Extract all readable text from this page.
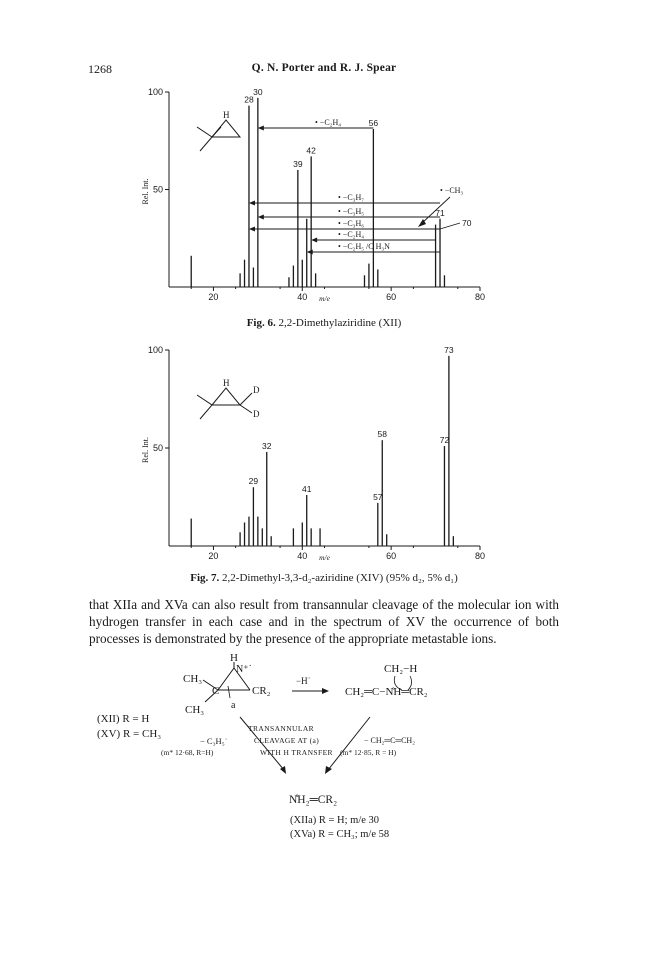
1268	Q. N. Porter and R. J. Spear
50
100
20	40	60	80
Rel. Int.
m/e
28
30
39
42
56
71
H
• −C₂H₄
• −C₃H₇
• −C₃H₅
• −C₃H₆
• −C₂H₄
• −C₂H₅ /C H₃N
• −CH₃
70
Fig. 6. 2,2-Dimethylaziridine (XII)
50
100
20	40	60	80
Rel. Int.
m/e
29
32
41
57
58
72
73
H
D
D
Fig. 7. 2,2-Dimethyl-3,3-d₂-aziridine (XIV) (95% d₂, 5% d₁)
that XIIa and XVa can also result from transannular cleavage of the molecular ion with hydrogen transfer in each case and in the spectrum of XV the occurrence of both processes is demonstrated by the presence of the appropriate metastable ions.
H
N⁺˙
CH₃
C	CR₂
CH₃	a
−H˙
CH₂−H
CH₂═C−N̊H═CR₂
(XII) R = H
(XV) R = CH₃
− C₃H₅˙
TRANSANNULAR
CLEAVAGE AT (a)
WITH H TRANSFER
(m* 12·68, R=H)
− CH₂═C═CH₂
(m* 12·85, R = H)
N̊H₂═CR₂
(XIIa) R = H; m/e 30
(XVa) R = CH₃; m/e 58
